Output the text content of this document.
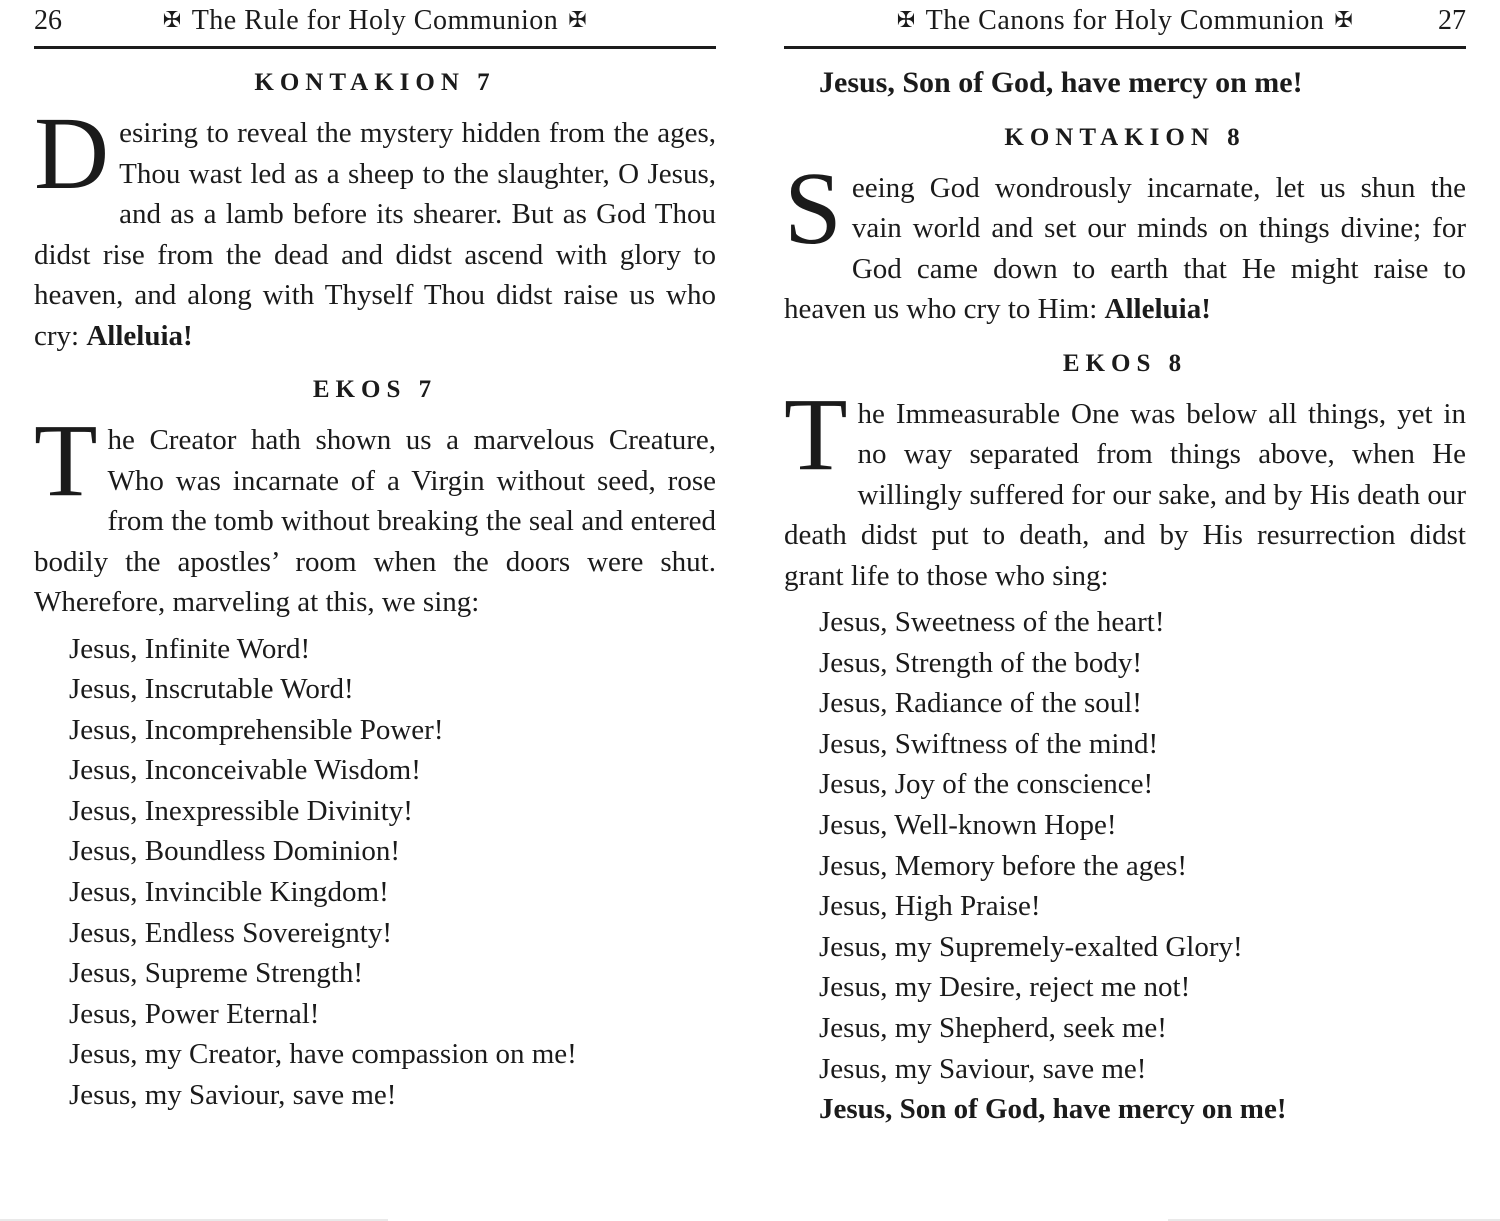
26	✠ The Rule for Holy Communion ✠
KONTAKION 7

Desiring to reveal the mystery hidden from the ages, Thou wast led as a sheep to the slaughter, O Jesus, and as a lamb before its shearer. But as God Thou didst rise from the dead and didst ascend with glory to heaven, and along with Thyself Thou didst raise us who cry: Alleluia!

EKOS 7

The Creator hath shown us a marvelous Creature, Who was incarnate of a Virgin without seed, rose from the tomb without breaking the seal and entered bodily the apostles’ room when the doors were shut. Wherefore, marveling at this, we sing:

Jesus, Infinite Word!
Jesus, Inscrutable Word!
Jesus, Incomprehensible Power!
Jesus, Inconceivable Wisdom!
Jesus, Inexpressible Divinity!
Jesus, Boundless Dominion!
Jesus, Invincible Kingdom!
Jesus, Endless Sovereignty!
Jesus, Supreme Strength!
Jesus, Power Eternal!
Jesus, my Creator, have compassion on me!
Jesus, my Saviour, save me!
✠ The Canons for Holy Communion ✠	27
Jesus, Son of God, have mercy on me!
KONTAKION 8

Seeing God wondrously incarnate, let us shun the vain world and set our minds on things divine; for God came down to earth that He might raise to heaven us who cry to Him: Alleluia!

EKOS 8

The Immeasurable One was below all things, yet in no way separated from things above, when He willingly suffered for our sake, and by His death our death didst put to death, and by His resurrection didst grant life to those who sing:

Jesus, Sweetness of the heart!
Jesus, Strength of the body!
Jesus, Radiance of the soul!
Jesus, Swiftness of the mind!
Jesus, Joy of the conscience!
Jesus, Well-known Hope!
Jesus, Memory before the ages!
Jesus, High Praise!
Jesus, my Supremely-exalted Glory!
Jesus, my Desire, reject me not!
Jesus, my Shepherd, seek me!
Jesus, my Saviour, save me!
Jesus, Son of God, have mercy on me!
